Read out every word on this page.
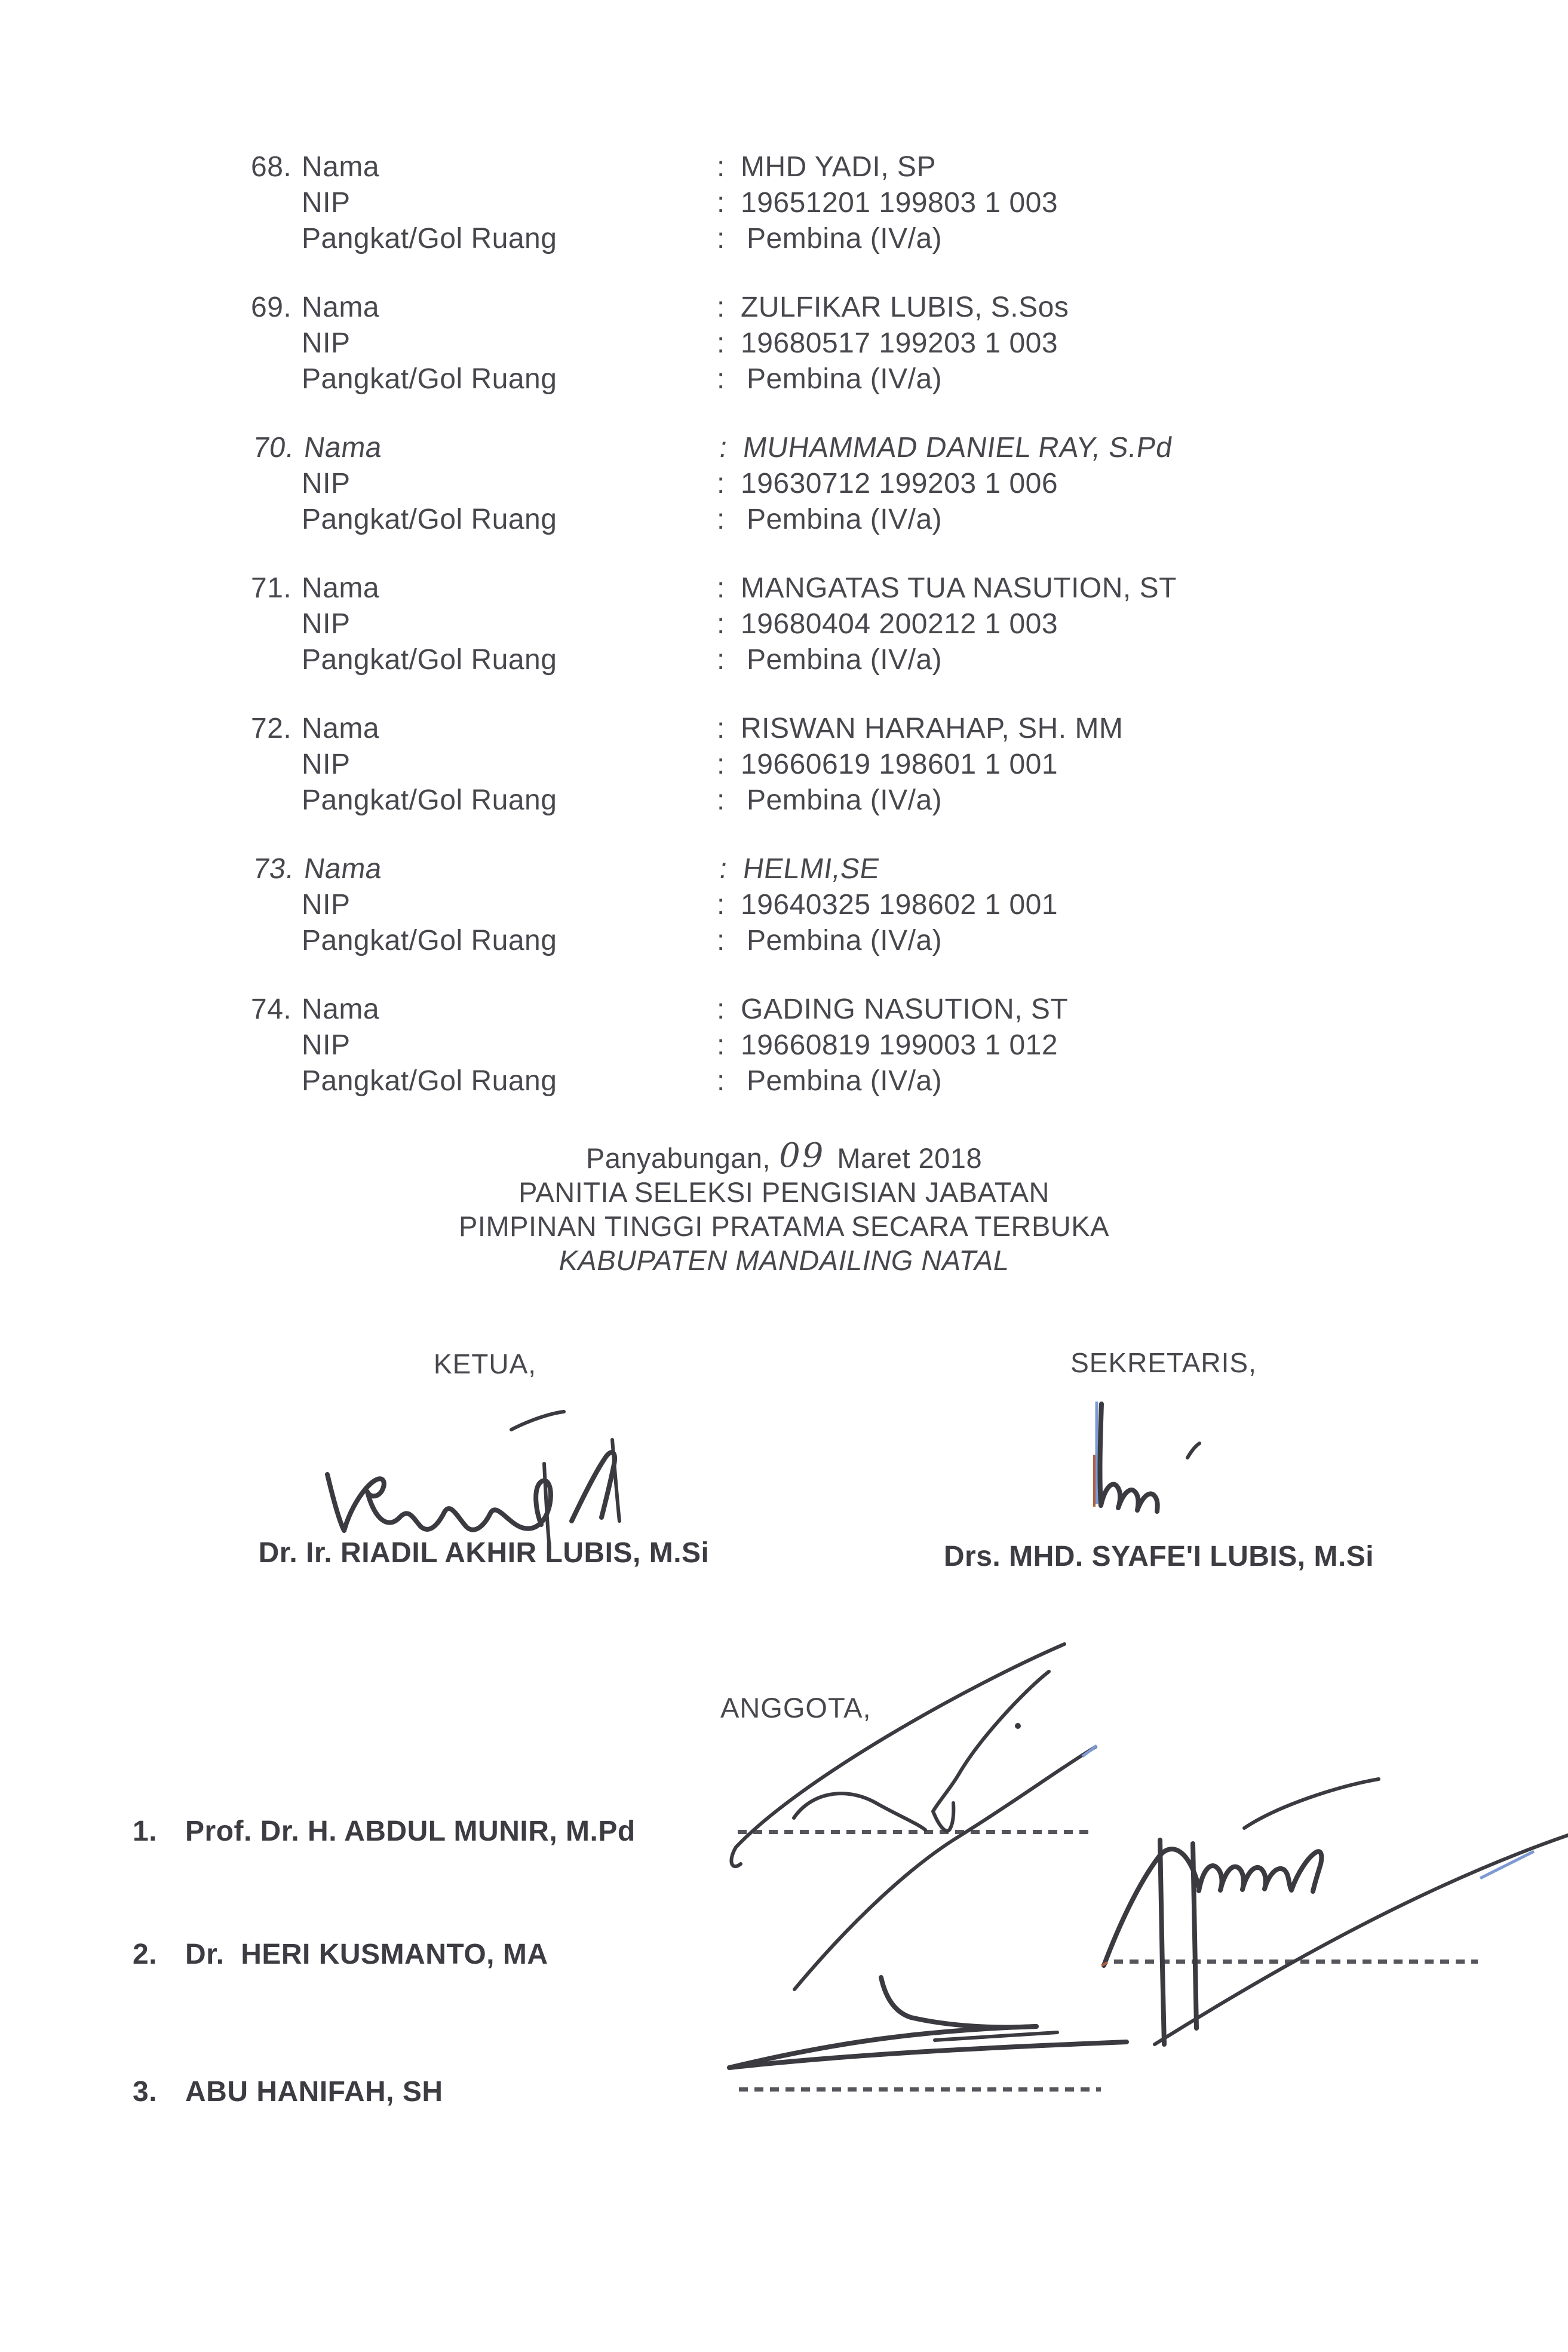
68. Nama	: MHD YADI, SP
NIP	: 19651201 199803 1 003
Pangkat/Gol Ruang	: Pembina (IV/a)
69. Nama	: ZULFIKAR LUBIS, S.Sos
NIP	: 19680517 199203 1 003
Pangkat/Gol Ruang	: Pembina (IV/a)
70. Nama	: MUHAMMAD DANIEL RAY, S.Pd
NIP	: 19630712 199203 1 006
Pangkat/Gol Ruang	: Pembina (IV/a)
71. Nama	: MANGATAS TUA NASUTION, ST
NIP	: 19680404 200212 1 003
Pangkat/Gol Ruang	: Pembina (IV/a)
72. Nama	: RISWAN HARAHAP, SH. MM
NIP	: 19660619 198601 1 001
Pangkat/Gol Ruang	: Pembina (IV/a)
73. Nama	: HELMI,SE
NIP	: 19640325 198602 1 001
Pangkat/Gol Ruang	: Pembina (IV/a)
74. Nama	: GADING NASUTION, ST
NIP	: 19660819 199003 1 012
Pangkat/Gol Ruang	: Pembina (IV/a)
Panyabungan, 09 Maret 2018
PANITIA SELEKSI PENGISIAN JABATAN
PIMPINAN TINGGI PRATAMA SECARA TERBUKA
KABUPATEN MANDAILING NATAL
KETUA,	SEKRETARIS,
Dr. Ir. RIADIL AKHIR LUBIS, M.Si	Drs. MHD. SYAFE'I LUBIS, M.Si
ANGGOTA,
1. Prof. Dr. H. ABDUL MUNIR, M.Pd
2. Dr.  HERI KUSMANTO, MA
3. ABU HANIFAH, SH
